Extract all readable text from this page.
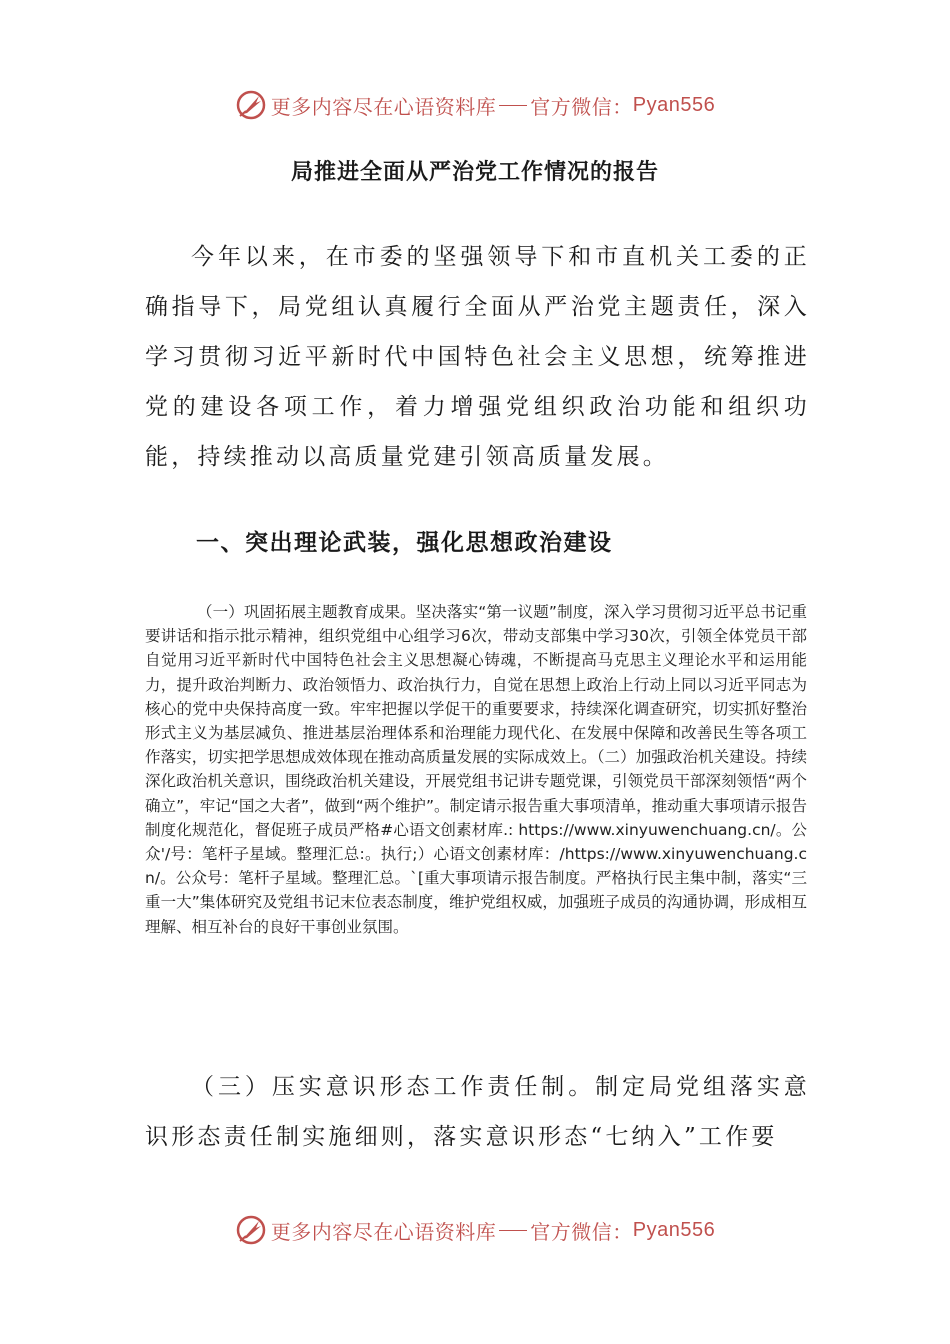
更多内容尽在心语资料库 官方微信： Pyan556
局推进全面从严治党工作情况的报告

今年以来，在市委的坚强领导下和市直机关工委的正确指导下，局党组认真履行全面从严治党主题责任，深入学习贯彻习近平新时代中国特色社会主义思想，统筹推进党的建设各项工作，着力增强党组织政治功能和组织功能，持续推动以高质量党建引领高质量发展。

一、突出理论武装，强化思想政治建设

（一）巩固拓展主题教育成果。坚决落实“第一议题”制度，深入学习贯彻习近平总书记重要讲话和指示批示精神，组织党组中心组学习6次，带动支部集中学习30次，引领全体党员干部自觉用习近平新时代中国特色社会主义思想凝心铸魂，不断提高马克思主义理论水平和运用能力，提升政治判断力、政治领悟力、政治执行力，自觉在思想上政治上行动上同以习近平同志为核心的党中央保持高度一致。牢牢把握以学促干的重要要求，持续深化调查研究，切实抓好整治形式主义为基层减负、推进基层治理体系和治理能力现代化、在发展中保障和改善民生等各项工作落实，切实把学思想成效体现在推动高质量发展的实际成效上。（二）加强政治机关建设。持续深化政治机关意识，围绕政治机关建设，开展党组书记讲专题党课，引领党员干部深刻领悟“两个确立”，牢记“国之大者”，做到“两个维护”。制定请示报告重大事项清单，推动重大事项请示报告制度化规范化，督促班子成员严格#心语文创素材库.: https://www.xinyuwenchuang.cn/。公众'/号：笔杆子星域。整理汇总:。执行;）心语文创素材库：/https://www.xinyuwenchuang.cn/。公众号：笔杆子星域。整理汇总。`[重大事项请示报告制度。严格执行民主集中制，落实“三重一大”集体研究及党组书记末位表态制度，维护党组权威，加强班子成员的沟通协调，形成相互理解、相互补台的良好干事创业氛围。

（三）压实意识形态工作责任制。制定局党组落实意识形态责任制实施细则，落实意识形态“七纳入”工作要

更多内容尽在心语资料库 官方微信： Pyan556
